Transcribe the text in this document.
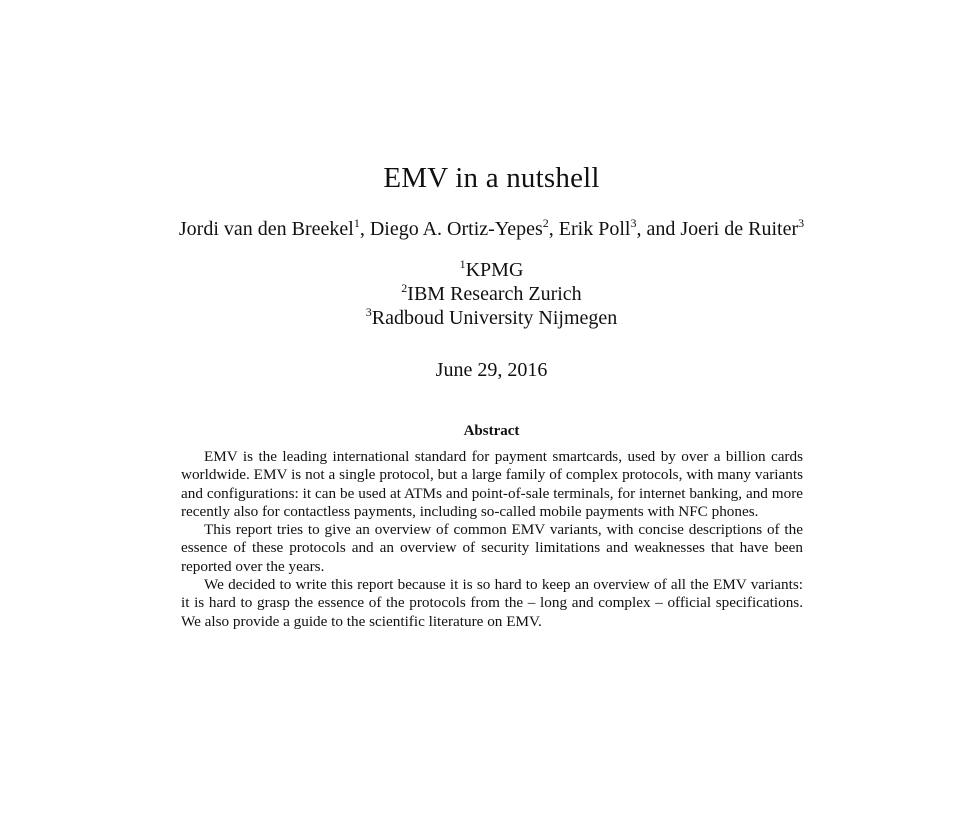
EMV in a nutshell
Jordi van den Breekel$^1$, Diego A. Ortiz-Yepes$^2$, Erik Poll$^3$, and Joeri de Ruiter$^3$
$^1$KPMG
$^2$IBM Research Zurich
$^3$Radboud University Nijmegen
June 29, 2016
Abstract

EMV is the leading international standard for payment smartcards, used by over a billion cards worldwide. EMV is not a single protocol, but a large family of complex protocols, with many variants and configurations: it can be used at ATMs and point-of-sale terminals, for internet banking, and more recently also for contactless payments, including so-called mobile payments with NFC phones.

This report tries to give an overview of common EMV variants, with concise descriptions of the essence of these protocols and an overview of security limitations and weaknesses that have been reported over the years.

We decided to write this report because it is so hard to keep an overview of all the EMV variants: it is hard to grasp the essence of the protocols from the – long and complex – official specifications. We also provide a guide to the scientific literature on EMV.
